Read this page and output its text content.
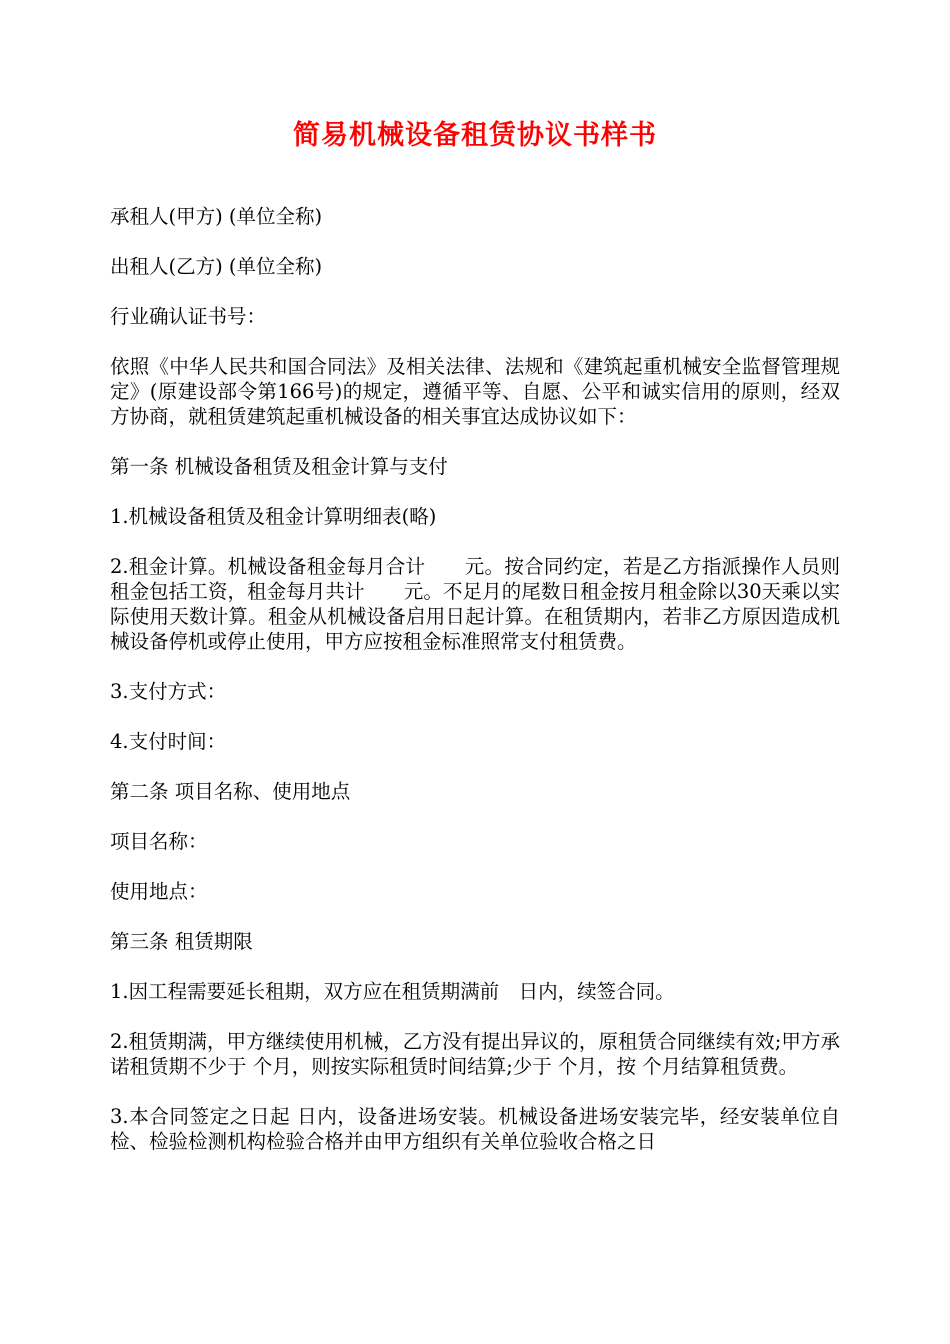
简易机械设备租赁协议书样书

承租人(甲方) (单位全称)

出租人(乙方) (单位全称)

行业确认证书号：

依照《中华人民共和国合同法》及相关法律、法规和《建筑起重机械安全监督管理规定》(原建设部令第166号)的规定，遵循平等、自愿、公平和诚实信用的原则，经双方协商，就租赁建筑起重机械设备的相关事宜达成协议如下：

第一条 机械设备租赁及租金计算与支付

1.机械设备租赁及租金计算明细表(略)

2.租金计算。机械设备租金每月合计　　元。按合同约定，若是乙方指派操作人员则租金包括工资，租金每月共计　　元。不足月的尾数日租金按月租金除以30天乘以实际使用天数计算。租金从机械设备启用日起计算。在租赁期内，若非乙方原因造成机械设备停机或停止使用，甲方应按租金标准照常支付租赁费。

3.支付方式：

4.支付时间：

第二条 项目名称、使用地点

项目名称：

使用地点：

第三条 租赁期限

1.因工程需要延长租期，双方应在租赁期满前　日内，续签合同。

2.租赁期满，甲方继续使用机械，乙方没有提出异议的，原租赁合同继续有效;甲方承诺租赁期不少于 个月，则按实际租赁时间结算;少于 个月，按 个月结算租赁费。

3.本合同签定之日起 日内，设备进场安装。机械设备进场安装完毕，经安装单位自检、检验检测机构检验合格并由甲方组织有关单位验收合格之日
